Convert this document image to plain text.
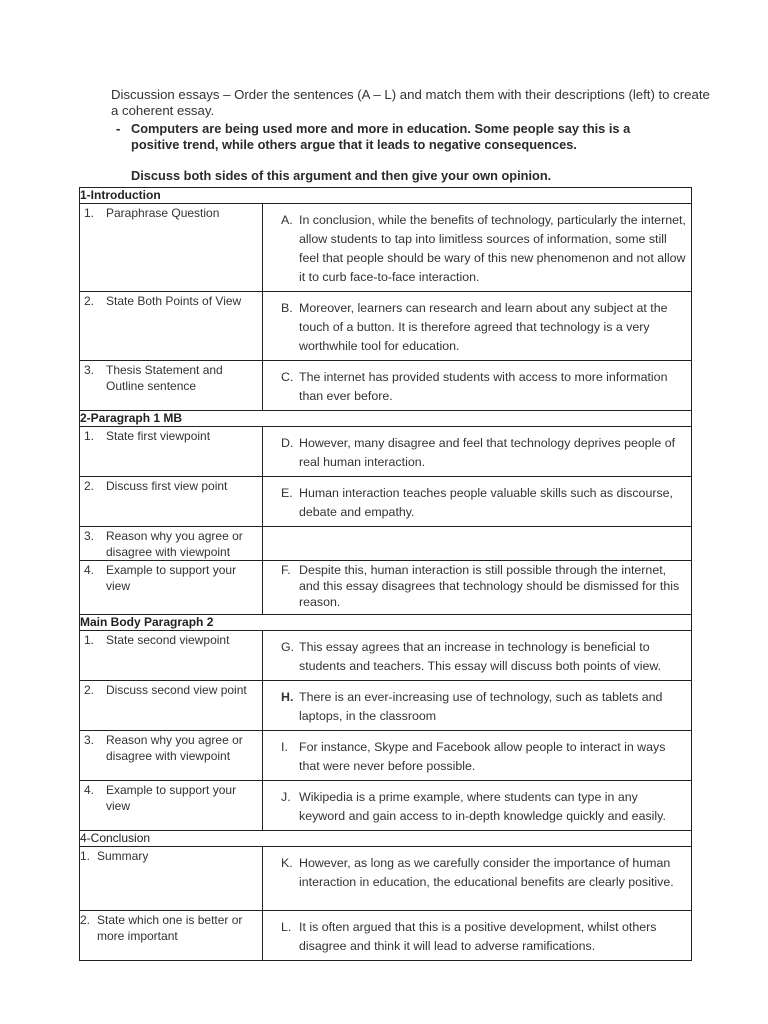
Discussion essays – Order the sentences (A – L) and match them with their descriptions (left) to create a coherent essay.
- Computers are being used more and more in education. Some people say this is a
positive trend, while others argue that it leads to negative consequences.
Discuss both sides of this argument and then give your own opinion.
1-Introduction	

1. Paraphrase Question	A. In conclusion, while the benefits of technology, particularly the internet, allow students to tap into limitless sources of information, some still feel that people should be wary of this new phenomenon and not allow it to curb face-to-face interaction.

2. State Both Points of View	B. Moreover, learners can research and learn about any subject at the touch of a button. It is therefore agreed that technology is a very worthwhile tool for education.

3. Thesis Statement and Outline sentence	C. The internet has provided students with access to more information than ever before.

2-Paragraph 1 MB	

1. State first viewpoint	D. However, many disagree and feel that technology deprives people of real human interaction.

2. Discuss first view point	E. Human interaction teaches people valuable skills such as discourse, debate and empathy.

3. Reason why you agree or disagree with viewpoint	

4. Example to support your view	F. Despite this, human interaction is still possible through the internet, and this essay disagrees that technology should be dismissed for this reason.

Main Body Paragraph 2	

1. State second viewpoint	G. This essay agrees that an increase in technology is beneficial to students and teachers. This essay will discuss both points of view.

2. Discuss second view point	H. There is an ever-increasing use of technology, such as tablets and laptops, in the classroom

3. Reason why you agree or disagree with viewpoint	I. For instance, Skype and Facebook allow people to interact in ways that were never before possible.

4. Example to support your view	J. Wikipedia is a prime example, where students can type in any keyword and gain access to in-depth knowledge quickly and easily.

4-Conclusion	

1. Summary	K. However, as long as we carefully consider the importance of human interaction in education, the educational benefits are clearly positive.

2. State which one is better or more important	L. It is often argued that this is a positive development, whilst others disagree and think it will lead to adverse ramifications.
